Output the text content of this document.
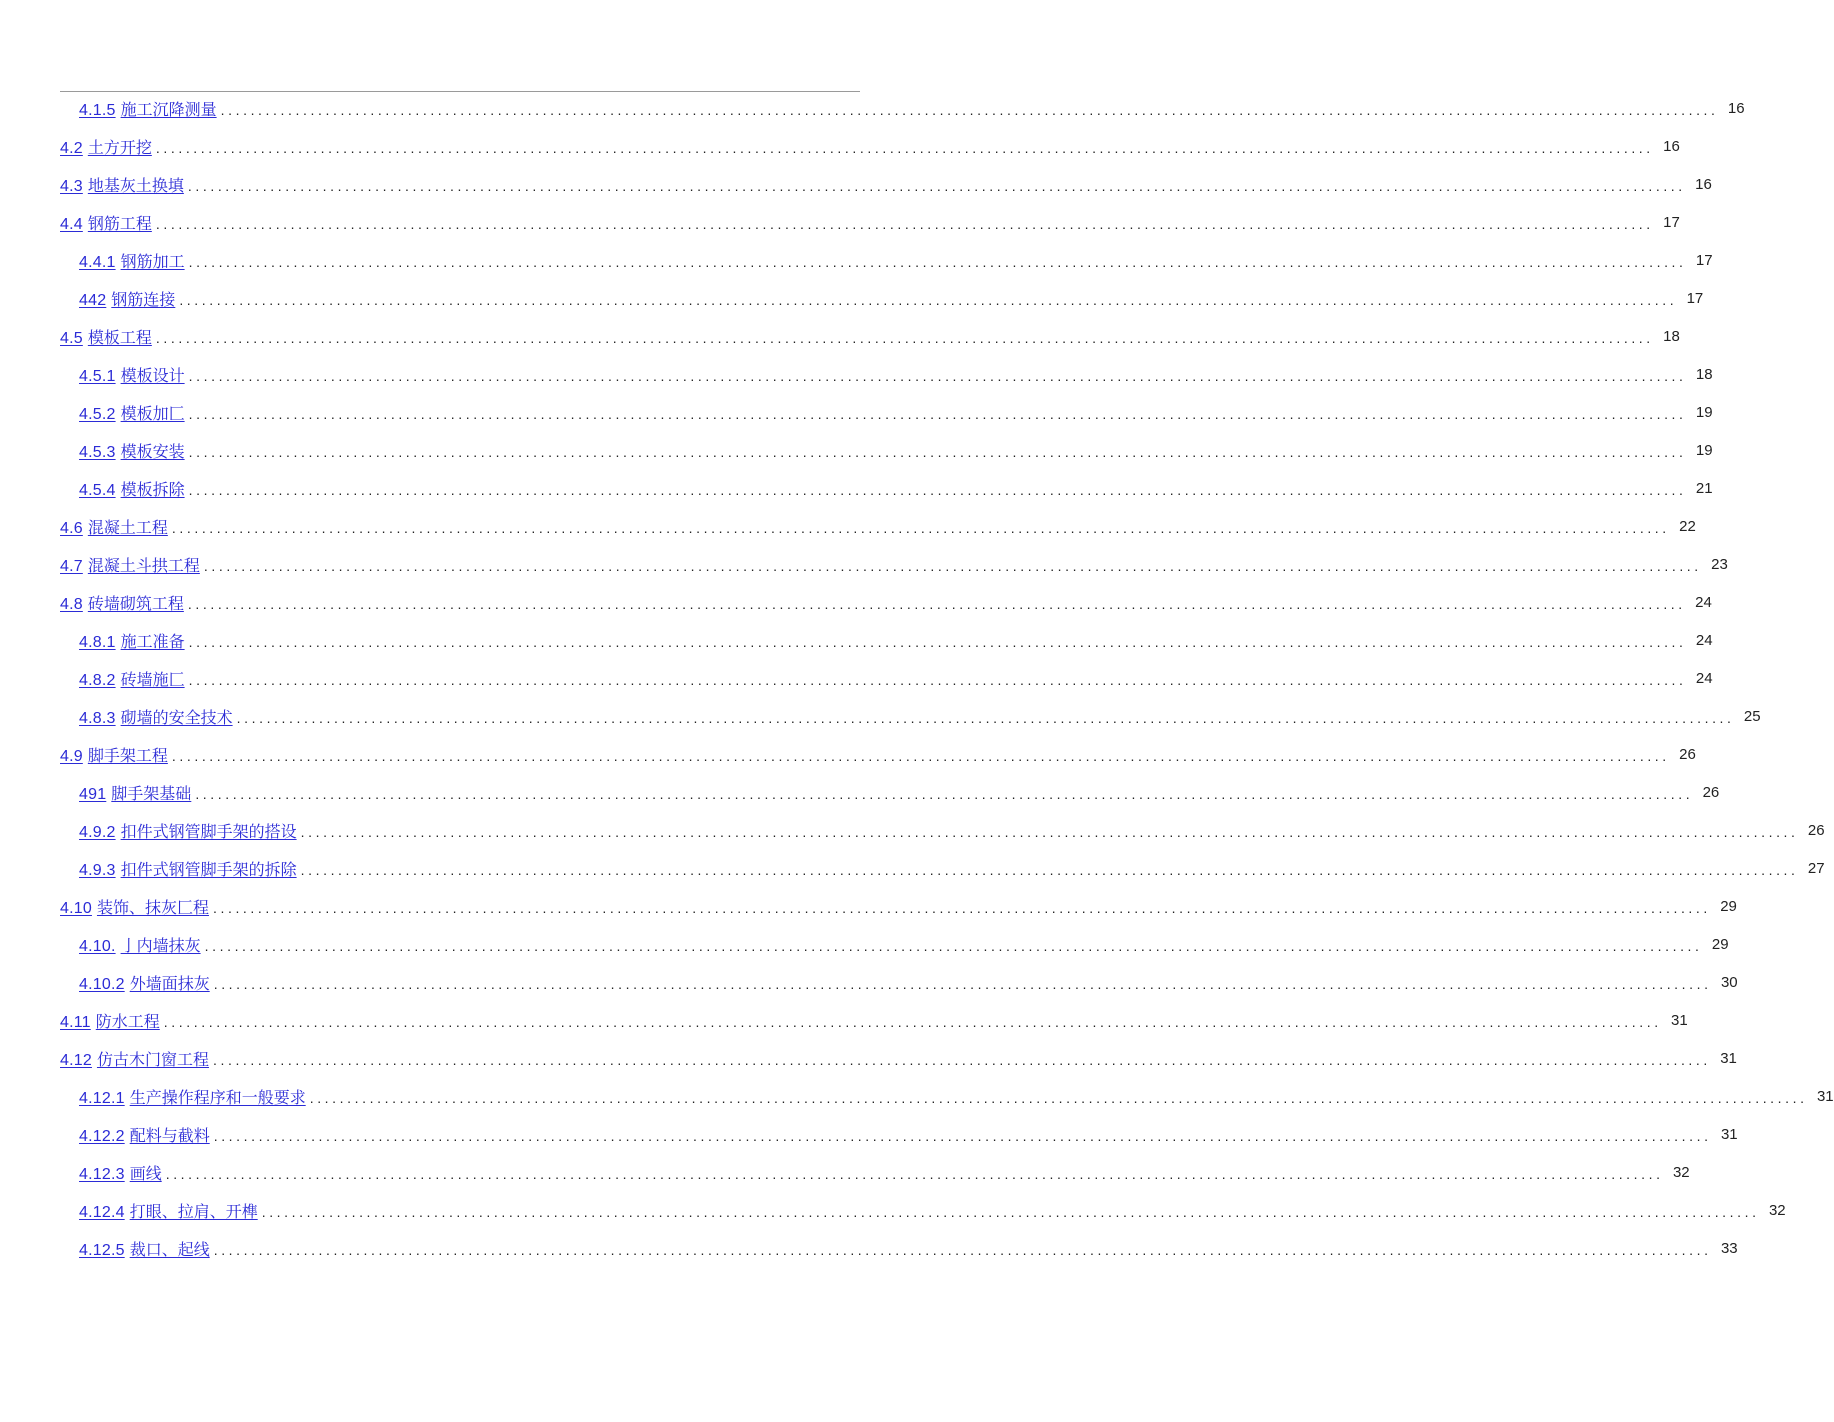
4.1.5 施工沉降测量 ........................................................................................................................................................................................................ 16
4.2 土方开挖 ........................................................................................................................................................................................................ 16
4.3 地基灰土换填 ........................................................................................................................................................................................................ 16
4.4 钢筋工程 ........................................................................................................................................................................................................ 17
4.4.1 钢筋加工 ........................................................................................................................................................................................................ 17
442 钢筋连接 ........................................................................................................................................................................................................ 17
4.5 模板工程 ........................................................................................................................................................................................................ 18
4.5.1 模板设计 ........................................................................................................................................................................................................ 18
4.5.2 模板加匚 ........................................................................................................................................................................................................ 19
4.5.3 模板安装 ........................................................................................................................................................................................................ 19
4.5.4 模板拆除 ........................................................................................................................................................................................................ 21
4.6 混凝土工程 ........................................................................................................................................................................................................ 22
4.7 混凝土斗拱工程 ........................................................................................................................................................................................................ 23
4.8 砖墙砌筑工程 ........................................................................................................................................................................................................ 24
4.8.1 施工准备 ........................................................................................................................................................................................................ 24
4.8.2 砖墙施匚 ........................................................................................................................................................................................................ 24
4.8.3 砌墙的安全技术 ........................................................................................................................................................................................................ 25
4.9 脚手架工程 ........................................................................................................................................................................................................ 26
491 脚手架基础 ........................................................................................................................................................................................................ 26
4.9.2 扣件式钢管脚手架的搭设 ........................................................................................................................................................................................................ 26
4.9.3 扣件式钢管脚手架的拆除 ........................................................................................................................................................................................................ 27
4.10 装饰、抹灰匚程 ........................................................................................................................................................................................................ 29
4.10. 亅内墙抹灰 ........................................................................................................................................................................................................ 29
4.10.2 外墙面抹灰 ........................................................................................................................................................................................................ 30
4.11 防水工程 ........................................................................................................................................................................................................ 31
4.12 仿古木门窗工程 ........................................................................................................................................................................................................ 31
4.12.1 生产操作程序和一般要求 ........................................................................................................................................................................................................ 31
4.12.2 配料与截料 ........................................................................................................................................................................................................ 31
4.12.3 画线 ........................................................................................................................................................................................................ 32
4.12.4 打眼、拉肩、开榫 ........................................................................................................................................................................................................ 32
4.12.5 裁口、起线 ........................................................................................................................................................................................................ 33
